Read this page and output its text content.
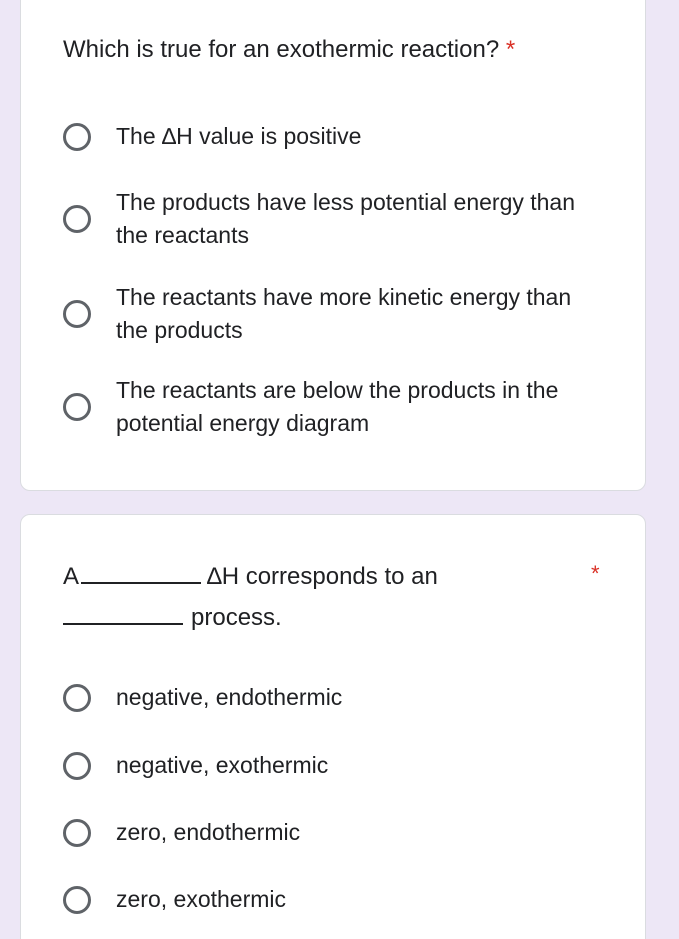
Which is true for an exothermic reaction? *
The ∆H value is positive
The products have less potential energy than the reactants
The reactants have more kinetic energy than the products
The reactants are below the products in the potential energy diagram
A	∆H corresponds to an	*
process.
negative, endothermic
negative, exothermic
zero, endothermic
zero, exothermic
